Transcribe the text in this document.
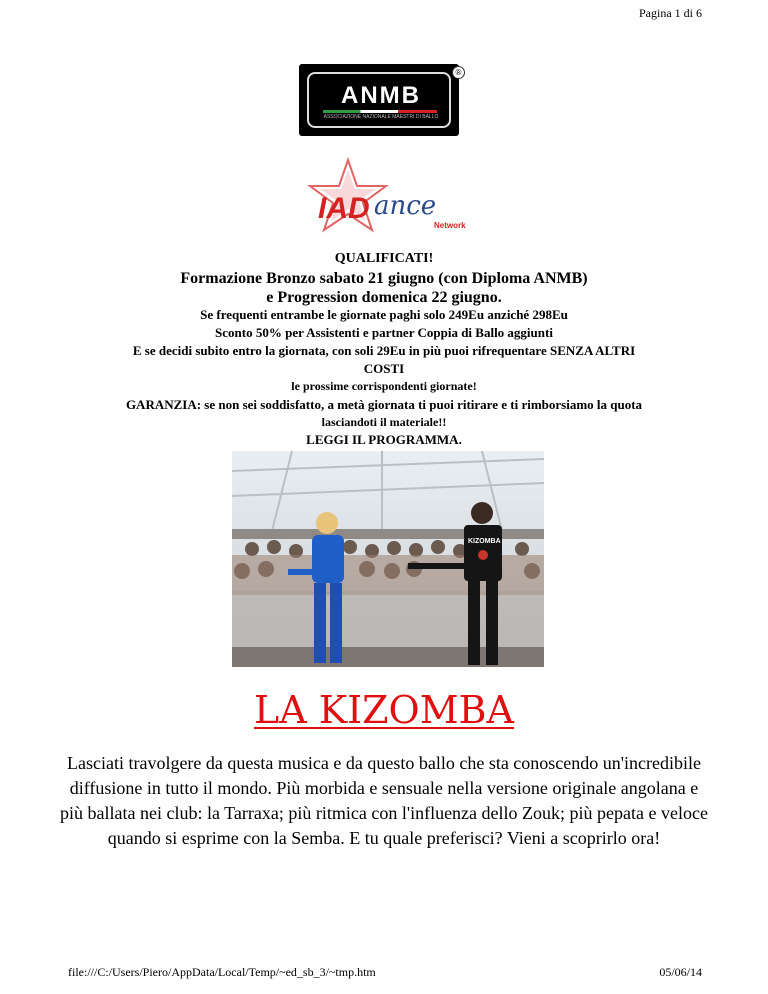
Pagina 1 di 6
ANMB
ASSOCIAZIONE NAZIONALE MAESTRI DI BALLO
®
IAD ance
Network
QUALIFICATI!
Formazione Bronzo sabato 21 giugno (con Diploma ANMB)
e Progression domenica 22 giugno.
Se frequenti entrambe le giornate paghi solo 249Eu anziché 298Eu
Sconto 50% per Assistenti e partner Coppia di Ballo aggiunti
E se decidi subito entro la giornata, con soli 29Eu in più puoi rifrequentare SENZA ALTRI
COSTI
le prossime corrispondenti giornate!
GARANZIA: se non sei soddisfatto, a metà giornata ti puoi ritirare e ti rimborsiamo la quota
lasciandoti il materiale!!
LEGGI IL PROGRAMMA.
KIZOMBA
LA KIZOMBA
Lasciati travolgere da questa musica e da questo ballo che sta conoscendo un'incredibile diffusione in tutto il mondo. Più morbida e sensuale nella versione originale angolana e più ballata nei club: la Tarraxa; più ritmica con l'influenza dello Zouk; più pepata e veloce quando si esprime con la Semba. E tu quale preferisci? Vieni a scoprirlo ora!
file:///C:/Users/Piero/AppData/Local/Temp/~ed_sb_3/~tmp.htm	05/06/14
